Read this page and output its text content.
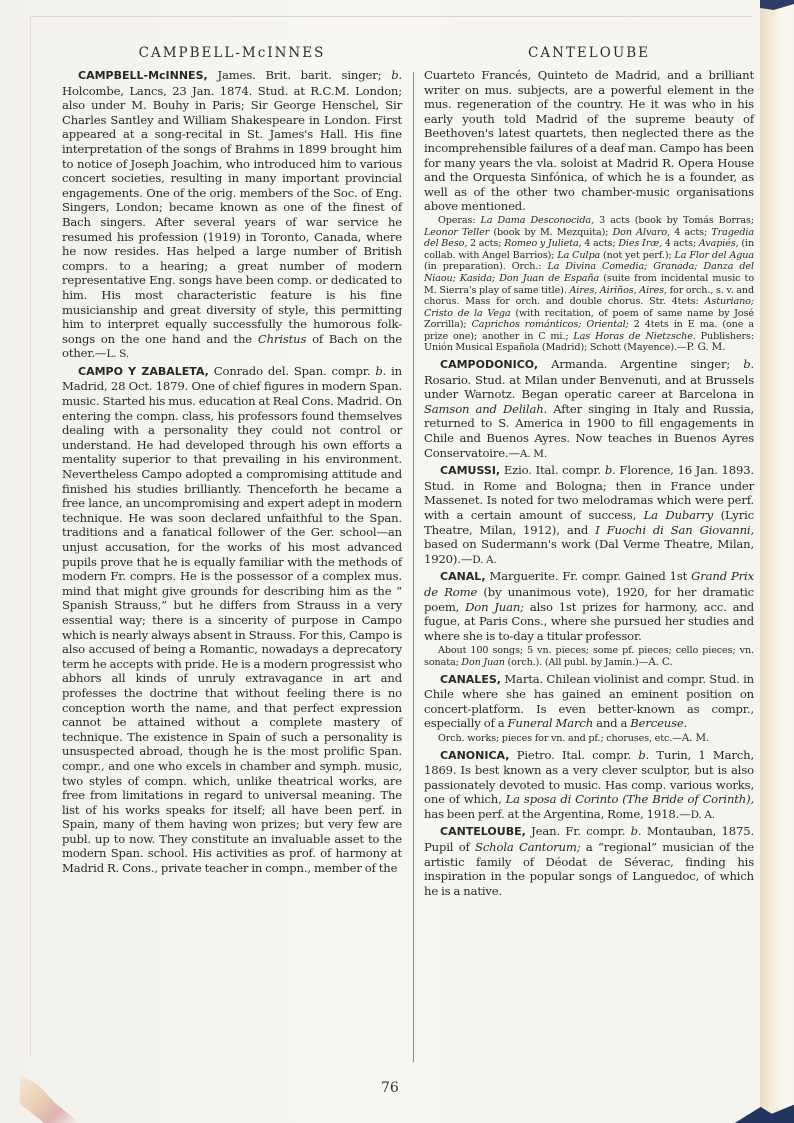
CAMPBELL-McINNES

CAMPBELL-McINNES, James. Brit. barit. singer; b. Holcombe, Lancs, 23 Jan. 1874. Stud. at R.C.M. London; also under M. Bouhy in Paris; Sir George Henschel, Sir Charles Santley and William Shakespeare in London. First appeared at a song-recital in St. James's Hall. His fine interpretation of the songs of Brahms in 1899 brought him to notice of Joseph Joachim, who introduced him to various concert societies, resulting in many important provincial engagements. One of the orig. members of the Soc. of Eng. Singers, London; became known as one of the finest of Bach singers. After several years of war service he resumed his profession (1919) in Toronto, Canada, where he now resides. Has helped a large number of British comprs. to a hearing; a great number of modern representative Eng. songs have been comp. or dedicated to him. His most characteristic feature is his fine musicianship and great diversity of style, this permitting him to interpret equally successfully the humorous folk-songs on the one hand and the Christus of Bach on the other.—L. S.

CAMPO Y ZABALETA, Conrado del. Span. compr. b. in Madrid, 28 Oct. 1879. One of chief figures in modern Span. music. Started his mus. education at Real Cons. Madrid. On entering the compn. class, his professors found themselves dealing with a personality they could not control or understand. He had developed through his own efforts a mentality superior to that prevailing in his environment. Nevertheless Campo adopted a compromising attitude and finished his studies brilliantly. Thenceforth he became a free lance, an uncompromising and expert adept in modern technique. He was soon declared unfaithful to the Span. traditions and a fanatical follower of the Ger. school—an unjust accusation, for the works of his most advanced pupils prove that he is equally familiar with the methods of modern Fr. comprs. He is the possessor of a complex mus. mind that might give grounds for describing him as the “ Spanish Strauss,” but he differs from Strauss in a very essential way; there is a sincerity of purpose in Campo which is nearly always absent in Strauss. For this, Campo is also accused of being a Romantic, nowadays a deprecatory term he accepts with pride. He is a modern progressist who abhors all kinds of unruly extravagance in art and professes the doctrine that without feeling there is no conception worth the name, and that perfect expression cannot be attained without a complete mastery of technique. The existence in Spain of such a personality is unsuspected abroad, though he is the most prolific Span. compr., and one who excels in chamber and symph. music, two styles of compn. which, unlike theatrical works, are free from limitations in regard to universal meaning. The list of his works speaks for itself; all have been perf. in Spain, many of them having won prizes; but very few are publ. up to now. They constitute an invaluable asset to the modern Span. school. His activities as prof. of harmony at Madrid R. Cons., private teacher in compn., member of the

CANTELOUBE

Cuarteto Francés, Quinteto de Madrid, and a brilliant writer on mus. subjects, are a powerful element in the mus. regeneration of the country. He it was who in his early youth told Madrid of the supreme beauty of Beethoven's latest quartets, then neglected there as the incomprehensible failures of a deaf man. Campo has been for many years the vla. soloist at Madrid R. Opera House and the Orquesta Sinfónica, of which he is a founder, as well as of the other two chamber-music organisations above mentioned.

Operas: La Dama Desconocida, 3 acts (book by Tomás Borras; Leonor Teller (book by M. Mezquita); Don Alvaro, 4 acts; Tragedia del Beso, 2 acts; Romeo y Julieta, 4 acts; Dies Iræ, 4 acts; Avapiés, (in collab. with Angel Barrios); La Culpa (not yet perf.); La Flor del Agua (in preparation). Orch.: La Divina Comedia; Granada; Danza del Niaou; Kasida; Don Juan de España (suite from incidental music to M. Sierra's play of same title). Aires, Airiños, Aires, for orch., s. v. and chorus. Mass for orch. and double chorus. Str. 4tets: Asturiano; Cristo de la Vega (with recitation, of poem of same name by José Zorrilla); Caprichos románticos; Oriental; 2 4tets in E ma. (one a prize one); another in C mi.; Las Horas de Nietzsche. Publishers: Unión Musical Española (Madrid); Schott (Mayence).—P. G. M.

CAMPODONICO, Armanda. Argentine singer; b. Rosario. Stud. at Milan under Benvenuti, and at Brussels under Warnotz. Began operatic career at Barcelona in Samson and Delilah. After singing in Italy and Russia, returned to S. America in 1900 to fill engagements in Chile and Buenos Ayres. Now teaches in Buenos Ayres Conservatoire.—A. M.

CAMUSSI, Ezio. Ital. compr. b. Florence, 16 Jan. 1893. Stud. in Rome and Bologna; then in France under Massenet. Is noted for two melodramas which were perf. with a certain amount of success, La Dubarry (Lyric Theatre, Milan, 1912), and I Fuochi di San Giovanni, based on Sudermann's work (Dal Verme Theatre, Milan, 1920).—D. A.

CANAL, Marguerite. Fr. compr. Gained 1st Grand Prix de Rome (by unanimous vote), 1920, for her dramatic poem, Don Juan; also 1st prizes for harmony, acc. and fugue, at Paris Cons., where she pursued her studies and where she is to-day a titular professor.

About 100 songs; 5 vn. pieces; some pf. pieces; cello pieces; vn. sonata; Don Juan (orch.). (All publ. by Jamin.)—A. C.

CANALES, Marta. Chilean violinist and compr. Stud. in Chile where she has gained an eminent position on concert-platform. Is even better-known as compr., especially of a Funeral March and a Berceuse.

Orch. works; pieces for vn. and pf.; choruses, etc.—A. M.

CANONICA, Pietro. Ital. compr. b. Turin, 1 March, 1869. Is best known as a very clever sculptor, but is also passionately devoted to music. Has comp. various works, one of which, La sposa di Corinto (The Bride of Corinth), has been perf. at the Argentina, Rome, 1918.—D. A.

CANTELOUBE, Jean. Fr. compr. b. Montauban, 1875. Pupil of Schola Cantorum; a “regional” musician of the artistic family of Déodat de Séverac, finding his inspiration in the popular songs of Languedoc, of which he is a native.

76
